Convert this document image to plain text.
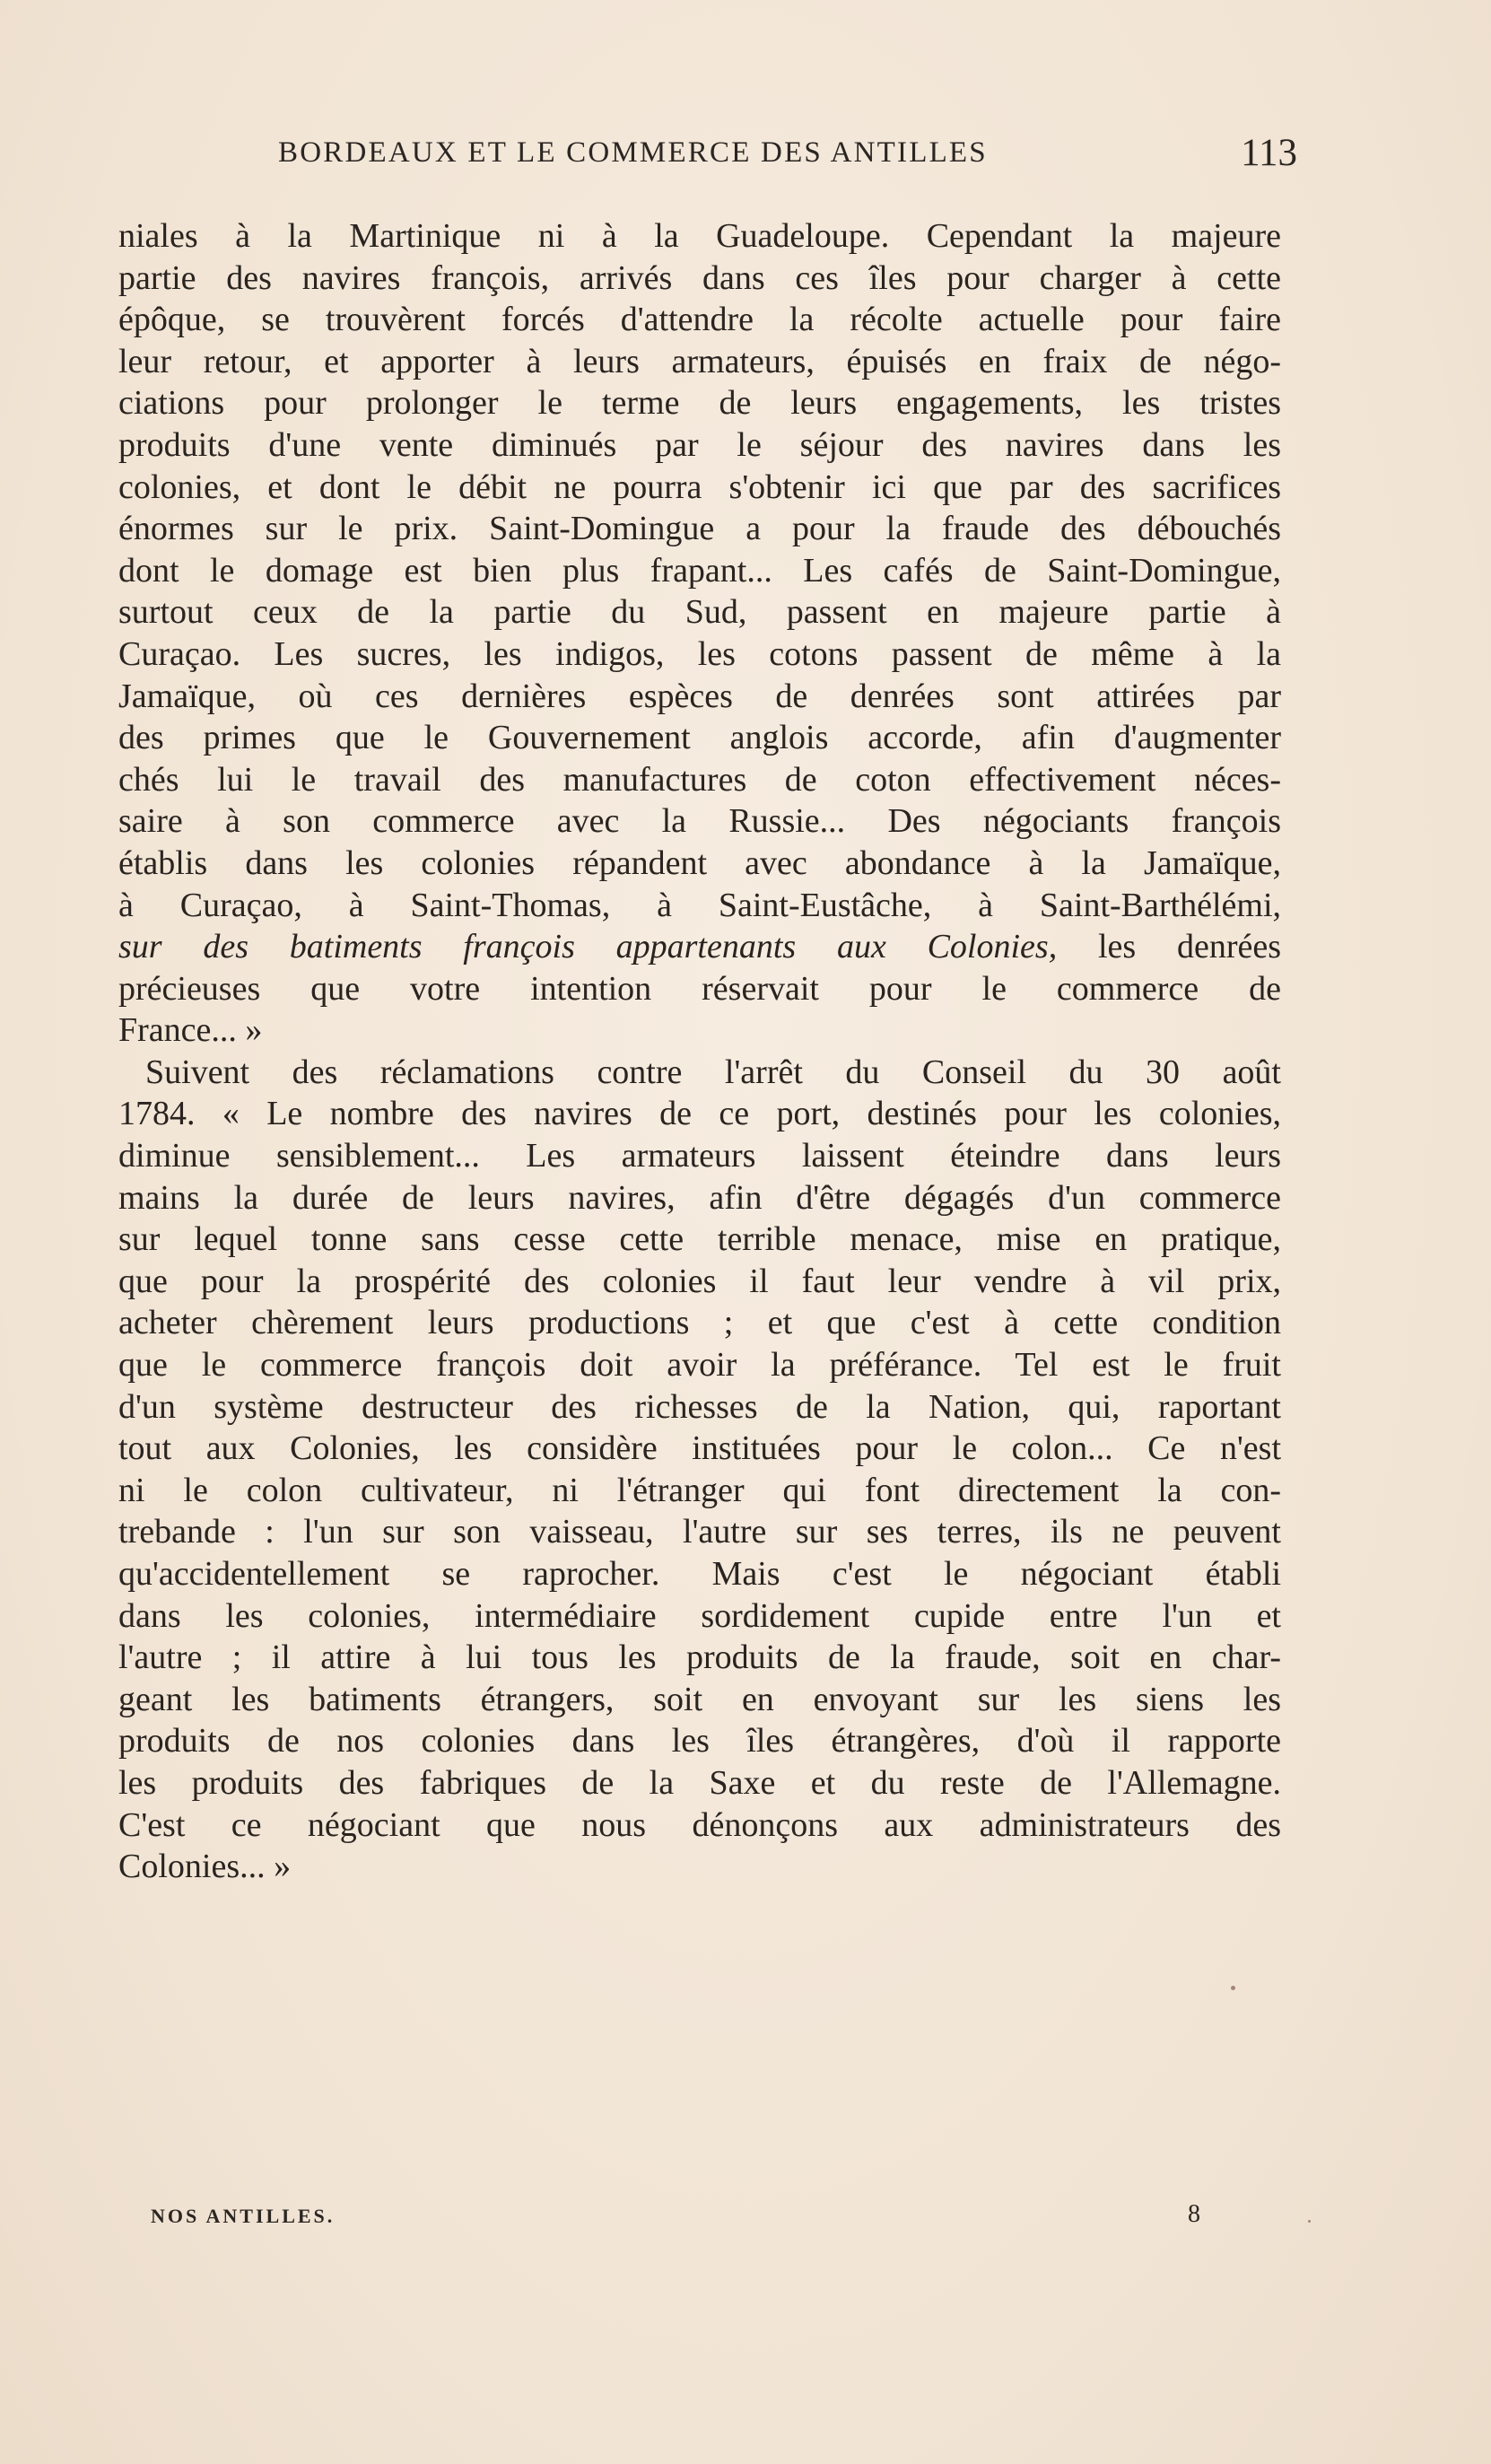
BORDEAUX ET LE COMMERCE DES ANTILLES	113
niales à la Martinique ni à la Guadeloupe. Cependant la majeure
partie des navires françois, arrivés dans ces îles pour charger à cette
épôque, se trouvèrent forcés d'attendre la récolte actuelle pour faire
leur retour, et apporter à leurs armateurs, épuisés en fraix de négo-
ciations pour prolonger le terme de leurs engagements, les tristes
produits d'une vente diminués par le séjour des navires dans les
colonies, et dont le débit ne pourra s'obtenir ici que par des sacrifices
énormes sur le prix. Saint-Domingue a pour la fraude des débouchés
dont le domage est bien plus frapant... Les cafés de Saint-Domingue,
surtout ceux de la partie du Sud, passent en majeure partie à
Curaçao. Les sucres, les indigos, les cotons passent de même à la
Jamaïque, où ces dernières espèces de denrées sont attirées par
des primes que le Gouvernement anglois accorde, afin d'augmenter
chés lui le travail des manufactures de coton effectivement néces-
saire à son commerce avec la Russie... Des négociants françois
établis dans les colonies répandent avec abondance à la Jamaïque,
à Curaçao, à Saint-Thomas, à Saint-Eustâche, à Saint-Barthélémi,
sur des batiments françois appartenants aux Colonies, les denrées
précieuses que votre intention réservait pour le commerce de
France... »
Suivent des réclamations contre l'arrêt du Conseil du 30 août
1784. « Le nombre des navires de ce port, destinés pour les colonies,
diminue sensiblement... Les armateurs laissent éteindre dans leurs
mains la durée de leurs navires, afin d'être dégagés d'un commerce
sur lequel tonne sans cesse cette terrible menace, mise en pratique,
que pour la prospérité des colonies il faut leur vendre à vil prix,
acheter chèrement leurs productions ; et que c'est à cette condition
que le commerce françois doit avoir la préférance. Tel est le fruit
d'un système destructeur des richesses de la Nation, qui, raportant
tout aux Colonies, les considère instituées pour le colon... Ce n'est
ni le colon cultivateur, ni l'étranger qui font directement la con-
trebande : l'un sur son vaisseau, l'autre sur ses terres, ils ne peuvent
qu'accidentellement se raprocher. Mais c'est le négociant établi
dans les colonies, intermédiaire sordidement cupide entre l'un et
l'autre ; il attire à lui tous les produits de la fraude, soit en char-
geant les batiments étrangers, soit en envoyant sur les siens les
produits de nos colonies dans les îles étrangères, d'où il rapporte
les produits des fabriques de la Saxe et du reste de l'Allemagne.
C'est ce négociant que nous dénonçons aux administrateurs des
Colonies... »
NOS ANTILLES.	8
